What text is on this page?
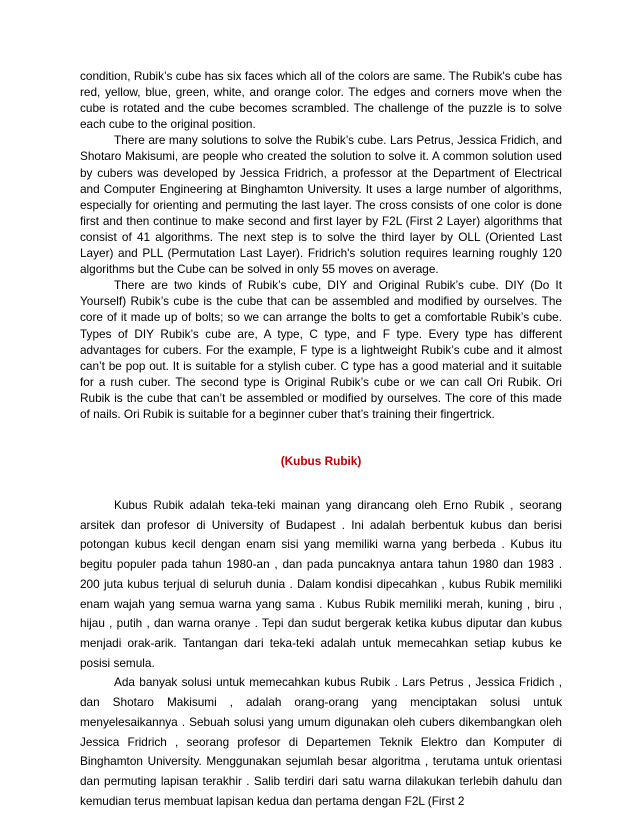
condition, Rubik’s cube has six faces which all of the colors are same. The Rubik's cube has red, yellow, blue, green, white, and orange color. The edges and corners move when the cube is rotated and the cube becomes scrambled. The challenge of the puzzle is to solve each cube to the original position.

There are many solutions to solve the Rubik’s cube. Lars Petrus, Jessica Fridich, and Shotaro Makisumi, are people who created the solution to solve it. A common solution used by cubers was developed by Jessica Fridrich, a professor at the Department of Electrical and Computer Engineering at Binghamton University. It uses a large number of algorithms, especially for orienting and permuting the last layer. The cross consists of one color is done first and then continue to make second and first layer by F2L (First 2 Layer) algorithms that consist of 41 algorithms. The next step is to solve the third layer by OLL (Oriented Last Layer) and PLL (Permutation Last Layer). Fridrich's solution requires learning roughly 120 algorithms but the Cube can be solved in only 55 moves on average.

There are two kinds of Rubik’s cube, DIY and Original Rubik’s cube. DIY (Do It Yourself) Rubik’s cube is the cube that can be assembled and modified by ourselves. The core of it made up of bolts; so we can arrange the bolts to get a comfortable Rubik’s cube. Types of DIY Rubik’s cube are, A type, C type, and F type. Every type has different advantages for cubers. For the example, F type is a lightweight Rubik’s cube and it almost can’t be pop out. It is suitable for a stylish cuber. C type has a good material and it suitable for a rush cuber. The second type is Original Rubik’s cube or we can call Ori Rubik. Ori Rubik is the cube that can’t be assembled or modified by ourselves. The core of this made of nails. Ori Rubik is suitable for a beginner cuber that’s training their fingertrick.

(Kubus Rubik)

Kubus Rubik adalah teka-teki mainan yang dirancang oleh Erno Rubik , seorang arsitek dan profesor di University of Budapest . Ini adalah berbentuk kubus dan berisi potongan kubus kecil dengan enam sisi yang memiliki warna yang berbeda . Kubus itu begitu populer pada tahun 1980-an , dan pada puncaknya antara tahun 1980 dan 1983 . 200 juta kubus terjual di seluruh dunia . Dalam kondisi dipecahkan , kubus Rubik memiliki enam wajah yang semua warna yang sama . Kubus Rubik memiliki merah, kuning , biru , hijau , putih , dan warna oranye . Tepi dan sudut bergerak ketika kubus diputar dan kubus menjadi orak-arik. Tantangan dari teka-teki adalah untuk memecahkan setiap kubus ke posisi semula.

Ada banyak solusi untuk memecahkan kubus Rubik . Lars Petrus , Jessica Fridich , dan Shotaro Makisumi , adalah orang-orang yang menciptakan solusi untuk menyelesaikannya . Sebuah solusi yang umum digunakan oleh cubers dikembangkan oleh Jessica Fridrich , seorang profesor di Departemen Teknik Elektro dan Komputer di Binghamton University. Menggunakan sejumlah besar algoritma , terutama untuk orientasi dan permuting lapisan terakhir . Salib terdiri dari satu warna dilakukan terlebih dahulu dan kemudian terus membuat lapisan kedua dan pertama dengan F2L (First 2
